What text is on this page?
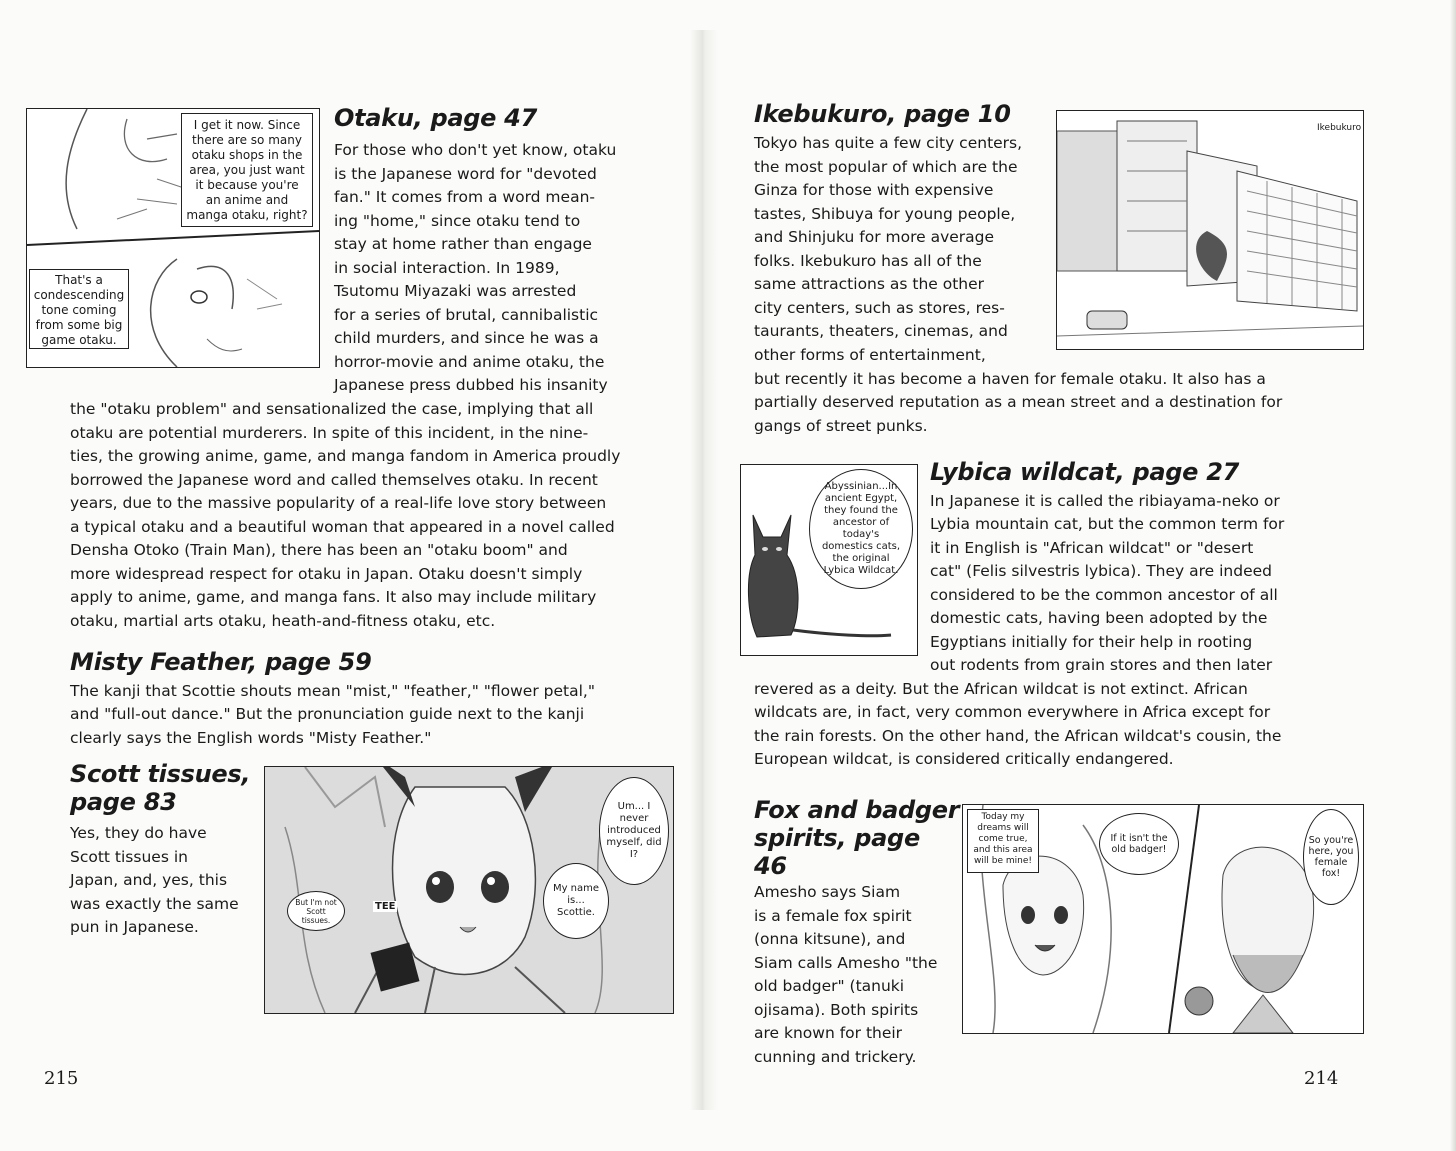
I get it now. Since there are so many otaku shops in the area, you just want it because you're an anime and manga otaku, right?
That's a condescending tone coming from some big game otaku.
Otaku, page 47

For those who don't yet know, otaku

is the Japanese word for "devoted

fan." It comes from a word mean-

ing "home," since otaku tend to

stay at home rather than engage

in social interaction. In 1989,

Tsutomu Miyazaki was arrested

for a series of brutal, cannibalistic

child murders, and since he was a

horror-movie and anime otaku, the

Japanese press dubbed his insanity

the "otaku problem" and sensationalized the case, implying that all

otaku are potential murderers. In spite of this incident, in the nine-

ties, the growing anime, game, and manga fandom in America proudly

borrowed the Japanese word and called themselves otaku. In recent

years, due to the massive popularity of a real-life love story between

a typical otaku and a beautiful woman that appeared in a novel called

Densha Otoko (Train Man), there has been an "otaku boom" and

more widespread respect for otaku in Japan. Otaku doesn't simply

apply to anime, game, and manga fans. It also may include military

otaku, martial arts otaku, heath-and-fitness otaku, etc.

Misty Feather, page 59

The kanji that Scottie shouts mean "mist," "feather," "flower petal,"

and "full-out dance." But the pronunciation guide next to the kanji

clearly says the English words "Misty Feather."

Scott tissues,
page 83

Yes, they do have

Scott tissues in

Japan, and, yes, this

was exactly the same

pun in Japanese.

Um... I never introduced myself, did I?
My name is... Scottie.
But I'm not Scott tissues.
TEE
215
Ikebukuro, page 10

Tokyo has quite a few city centers,

the most popular of which are the

Ginza for those with expensive

tastes, Shibuya for young people,

and Shinjuku for more average

folks. Ikebukuro has all of the

same attractions as the other

city centers, such as stores, res-

taurants, theaters, cinemas, and

other forms of entertainment,

but recently it has become a haven for female otaku. It also has a

partially deserved reputation as a mean street and a destination for

gangs of street punks.

Ikebukuro
Abyssinian...In ancient Egypt, they found the ancestor of today's domestics cats, the original Lybica Wildcat.
Lybica wildcat, page 27

In Japanese it is called the ribiayama-neko or

Lybia mountain cat, but the common term for

it in English is "African wildcat" or "desert

cat" (Felis silvestris lybica). They are indeed

considered to be the common ancestor of all

domestic cats, having been adopted by the

Egyptians initially for their help in rooting

out rodents from grain stores and then later

revered as a deity. But the African wildcat is not extinct. African

wildcats are, in fact, very common everywhere in Africa except for

the rain forests. On the other hand, the African wildcat's cousin, the

European wildcat, is considered critically endangered.

Fox and badger
spirits, page
46

Amesho says Siam

is a female fox spirit

(onna kitsune), and

Siam calls Amesho "the

old badger" (tanuki

ojisama). Both spirits

are known for their

cunning and trickery.

Today my dreams will come true, and this area will be mine!
If it isn't the old badger!
So you're here, you female fox!
214
